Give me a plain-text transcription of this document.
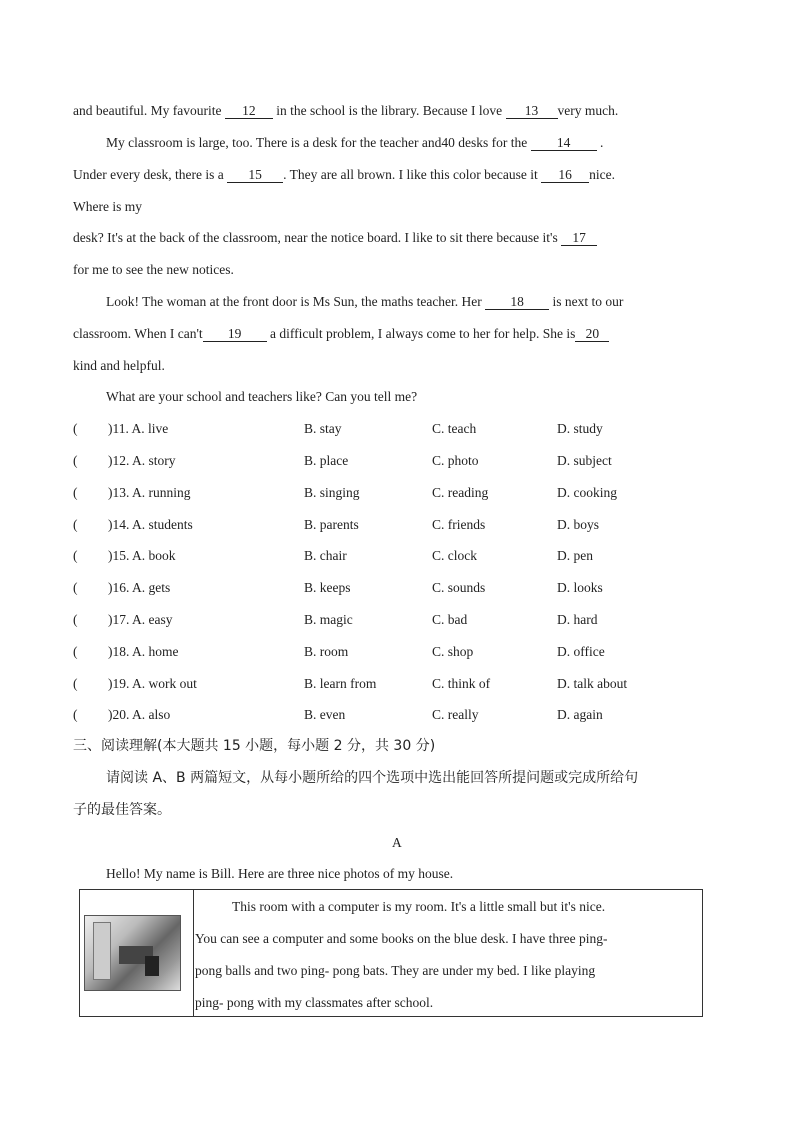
and beautiful. My favourite 12 in the school is the library. Because I love 13 very much.
My classroom is large, too. There is a desk for the teacher and40 desks for the 14 .
Under every desk, there is a 15 . They are all brown. I like this color because it 16 nice.
Where is my
desk? It's at the back of the classroom, near the notice board. I like to sit there because it's 17
for me to see the new notices.
Look! The woman at the front door is Ms Sun, the maths teacher. Her 18 is next to our
classroom. When I can't 19 a difficult problem, I always come to her for help. She is 20
kind and helpful.
What are your school and teachers like? Can you tell me?
( )11. A. live	B. stay	C. teach	D. study
( )12. A. story	B. place	C. photo	D. subject
( )13. A. running	B. singing	C. reading	D. cooking
( )14. A. students	B. parents	C. friends	D. boys
( )15. A. book	B. chair	C. clock	D. pen
( )16. A. gets	B. keeps	C. sounds	D. looks
( )17. A. easy	B. magic	C. bad	D. hard
( )18. A. home	B. room	C. shop	D. office
( )19. A. work out	B. learn from	C. think of	D. talk about
( )20. A. also	B. even	C. really	D. again
三、阅读理解(本大题共 15 小题，每小题 2 分，共 30 分)
请阅读 A、B 两篇短文，从每小题所给的四个选项中选出能回答所提问题或完成所给句
子的最佳答案。
A
Hello! My name is Bill. Here are three nice photos of my house.
This room with a computer is my room. It's a little small but it's nice.
You can see a computer and some books on the blue desk. I have three ping-
pong balls and two ping- pong bats. They are under my bed. I like playing
ping- pong with my classmates after school.
